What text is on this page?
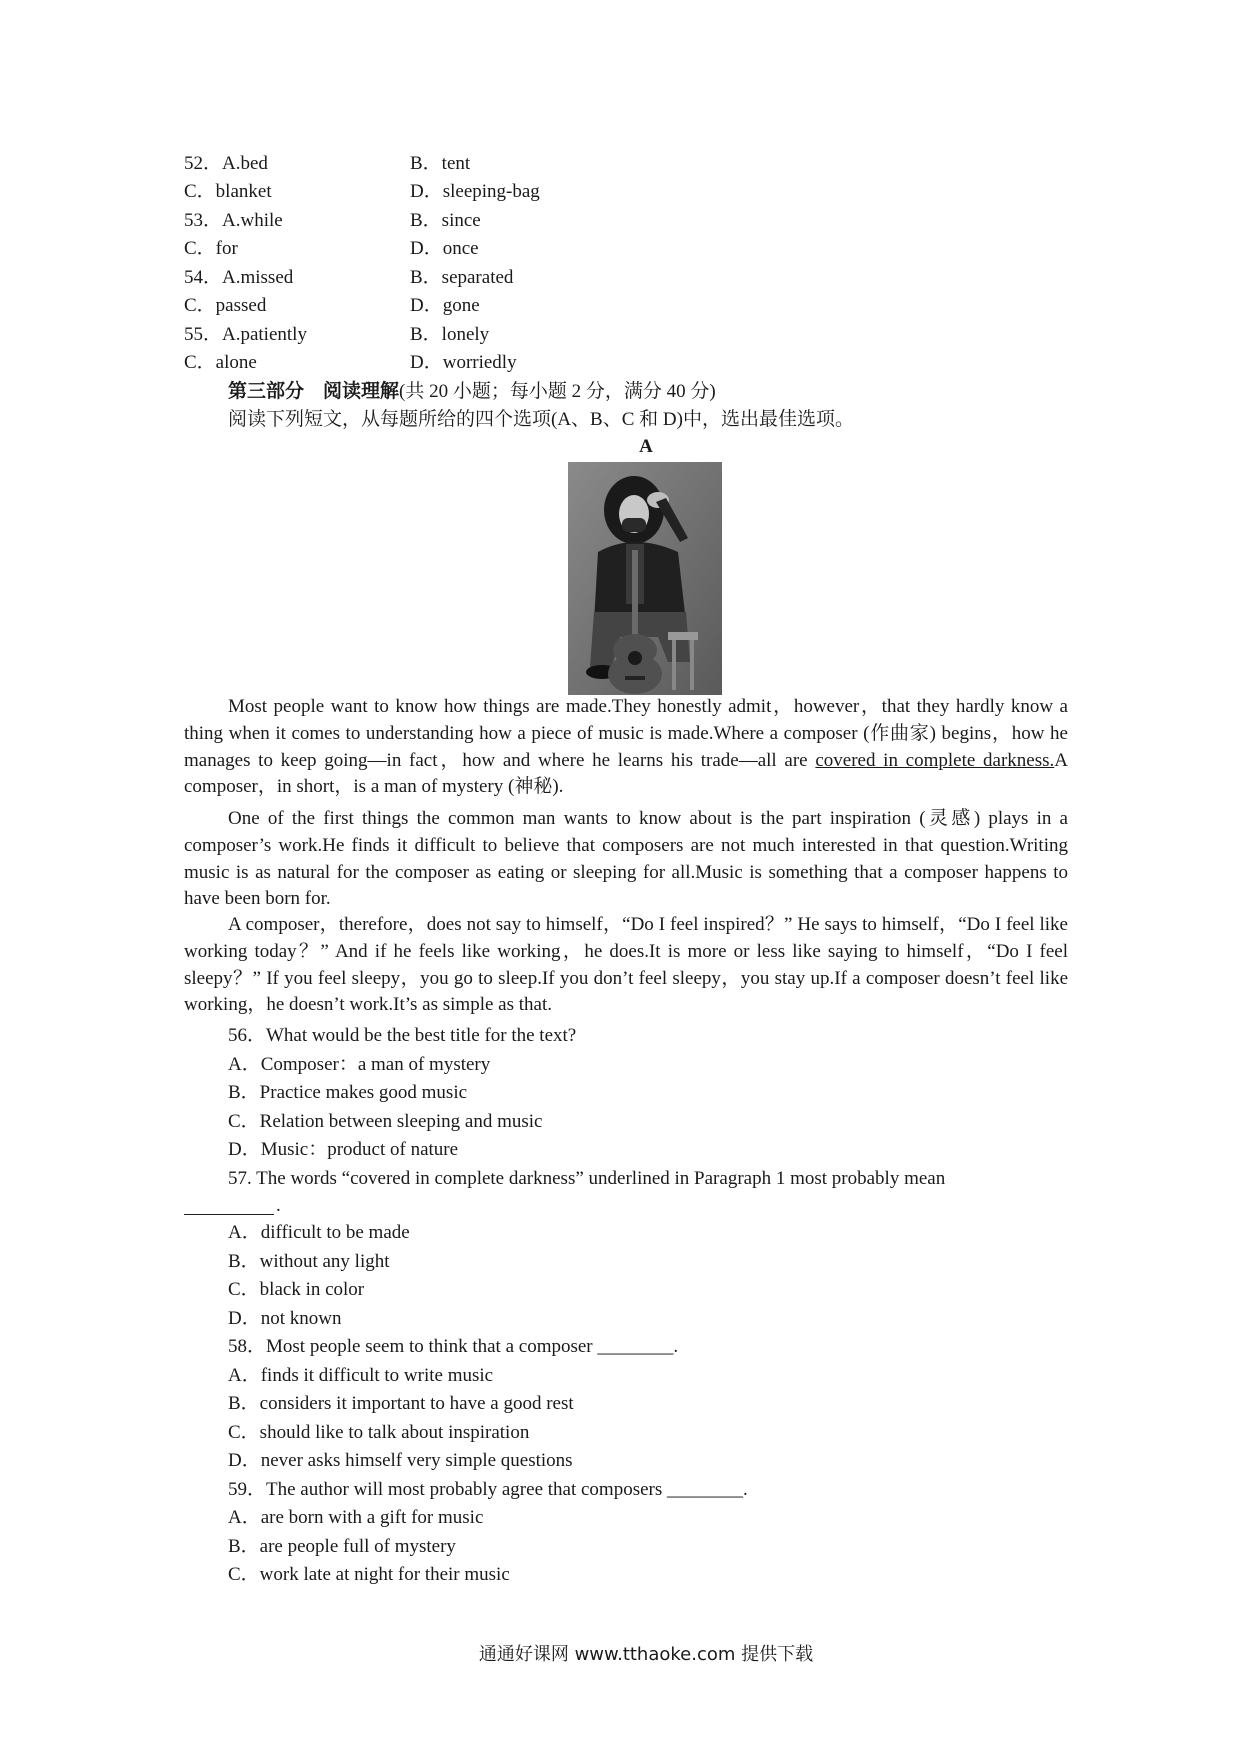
52．A.bed	B．tent
C．blanket	D．sleeping-bag
53．A.while	B．since
C．for	D．once
54．A.missed	B．separated
C．passed	D．gone
55．A.patiently	B．lonely
C．alone	D．worriedly
第三部分　阅读理解(共 20 小题；每小题 2 分，满分 40 分)
阅读下列短文，从每题所给的四个选项(A、B、C 和 D)中，选出最佳选项。
A
Most people want to know how things are made.They honestly admit，however，that they hardly know a thing when it comes to understanding how a piece of music is made.Where a composer (作曲家) begins，how he manages to keep going—in fact，how and where he learns his trade—all are covered in complete darkness.A composer，in short，is a man of mystery (神秘).
One of the first things the common man wants to know about is the part inspiration (灵感) plays in a composer’s work.He finds it difficult to believe that composers are not much interested in that question.Writing music is as natural for the composer as eating or sleeping for all.Music is something that a composer happens to have been born for.
A composer，therefore，does not say to himself，“Do I feel inspired？” He says to himself，“Do I feel like working today？” And if he feels like working，he does.It is more or less like saying to himself，“Do I feel sleepy？” If you feel sleepy，you go to sleep.If you don’t feel sleepy，you stay up.If a composer doesn’t feel like working，he doesn’t work.It’s as simple as that.
56．What would be the best title for the text?
A．Composer：a man of mystery
B．Practice makes good music
C．Relation between sleeping and music
D．Music：product of nature
57. The words “covered in complete darkness” underlined in Paragraph 1 most probably mean
.
A．difficult to be made
B．without any light
C．black in color
D．not known
58．Most people seem to think that a composer ________.
A．finds it difficult to write music
B．considers it important to have a good rest
C．should like to talk about inspiration
D．never asks himself very simple questions
59．The author will most probably agree that composers ________.
A．are born with a gift for music
B．are people full of mystery
C．work late at night for their music
通通好课网 www.tthaoke.com 提供下载
